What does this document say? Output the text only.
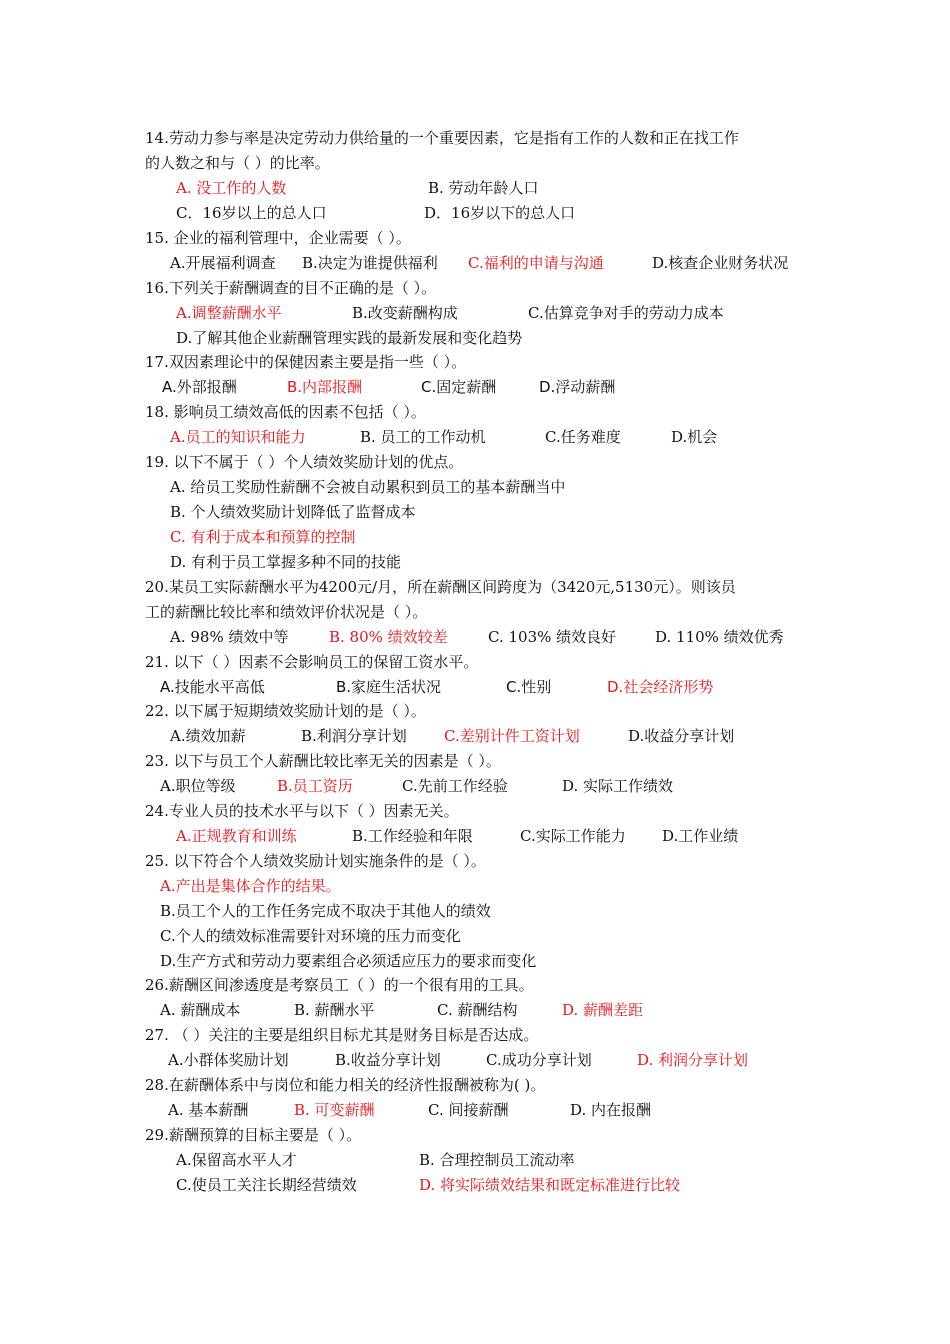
14.劳动力参与率是决定劳动力供给量的一个重要因素，它是指有工作的人数和正在找工作
的人数之和与（ ）的比率。
A. 没工作的人数	B. 劳动年龄人口
C．16岁以上的总人口	D．16岁以下的总人口
15. 企业的福利管理中，企业需要（ ）。
A.开展福利调查 B.决定为谁提供福利 C.福利的申请与沟通	D.核查企业财务状况
16.下列关于薪酬调查的目不正确的是（ ）。
A.调整薪酬水平	B.改变薪酬构成	C.估算竞争对手的劳动力成本
D.了解其他企业薪酬管理实践的最新发展和变化趋势
17.双因素理论中的保健因素主要是指一些（ ）。
A.外部报酬	B.内部报酬	C.固定薪酬	D.浮动薪酬
18. 影响员工绩效高低的因素不包括（ ）。
A.员工的知识和能力	B. 员工的工作动机	C.任务难度	D.机会
19. 以下不属于（ ）个人绩效奖励计划的优点。
A. 给员工奖励性薪酬不会被自动累积到员工的基本薪酬当中
B. 个人绩效奖励计划降低了监督成本
C. 有利于成本和预算的控制
D. 有利于员工掌握多种不同的技能
20.某员工实际薪酬水平为4200元/月，所在薪酬区间跨度为（3420元,5130元）。则该员
工的薪酬比较比率和绩效评价状况是（ ）。
A. 98% 绩效中等	B. 80% 绩效较差	C. 103% 绩效良好	D. 110% 绩效优秀
21. 以下（ ）因素不会影响员工的保留工资水平。
A.技能水平高低	B.家庭生活状况	C.性别	D.社会经济形势
22. 以下属于短期绩效奖励计划的是（ ）。
A.绩效加薪	B.利润分享计划 C.差别计件工资计划	D.收益分享计划
23. 以下与员工个人薪酬比较比率无关的因素是（ ）。
A.职位等级	B.员工资历	C.先前工作经验	D. 实际工作绩效
24.专业人员的技术水平与以下（ ）因素无关。
A.正规教育和训练	B.工作经验和年限	C.实际工作能力 D.工作业绩
25. 以下符合个人绩效奖励计划实施条件的是（ ）。
A.产出是集体合作的结果。
B.员工个人的工作任务完成不取决于其他人的绩效
C.个人的绩效标准需要针对环境的压力而变化
D.生产方式和劳动力要素组合必须适应压力的要求而变化
26.薪酬区间渗透度是考察员工（ ）的一个很有用的工具。
A. 薪酬成本	B. 薪酬水平	C. 薪酬结构	D. 薪酬差距
27. （ ）关注的主要是组织目标尤其是财务目标是否达成。
A.小群体奖励计划	B.收益分享计划	C.成功分享计划	D. 利润分享计划
28.在薪酬体系中与岗位和能力相关的经济性报酬被称为( )。
A. 基本薪酬	B. 可变薪酬	C. 间接薪酬	D. 内在报酬
29.薪酬预算的目标主要是（ ）。
A.保留高水平人才	B. 合理控制员工流动率
C.使员工关注长期经营绩效	D. 将实际绩效结果和既定标准进行比较
